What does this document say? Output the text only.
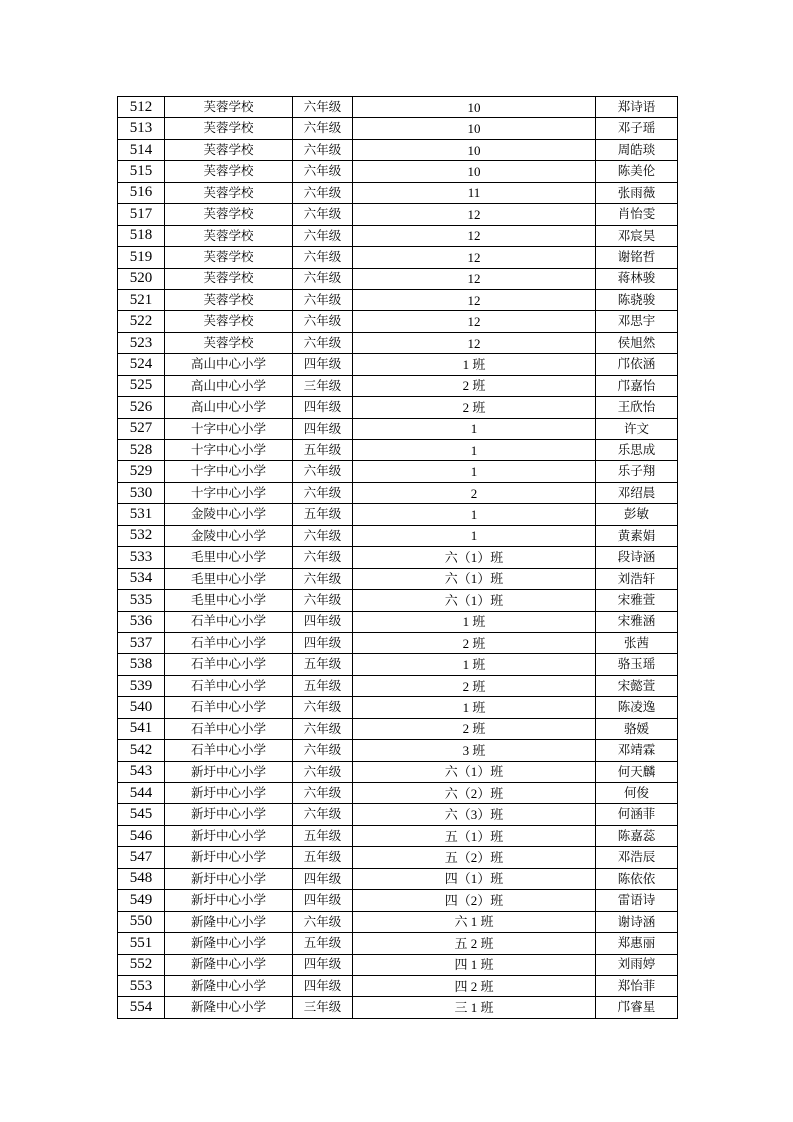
512	芙蓉学校	六年级	10	郑诗语
513	芙蓉学校	六年级	10	邓子瑶
514	芙蓉学校	六年级	10	周皓琰
515	芙蓉学校	六年级	10	陈美伦
516	芙蓉学校	六年级	11	张雨薇
517	芙蓉学校	六年级	12	肖怡雯
518	芙蓉学校	六年级	12	邓宸昊
519	芙蓉学校	六年级	12	谢铭哲
520	芙蓉学校	六年级	12	蒋林骏
521	芙蓉学校	六年级	12	陈骁骏
522	芙蓉学校	六年级	12	邓思宇
523	芙蓉学校	六年级	12	侯旭然
524	高山中心小学	四年级	1 班	邝依涵
525	高山中心小学	三年级	2 班	邝嘉怡
526	高山中心小学	四年级	2 班	王欣怡
527	十字中心小学	四年级	1	许文
528	十字中心小学	五年级	1	乐思成
529	十字中心小学	六年级	1	乐子翔
530	十字中心小学	六年级	2	邓绍晨
531	金陵中心小学	五年级	1	彭敏
532	金陵中心小学	六年级	1	黄素娟
533	毛里中心小学	六年级	六（1）班	段诗涵
534	毛里中心小学	六年级	六（1）班	刘浩轩
535	毛里中心小学	六年级	六（1）班	宋雅萱
536	石羊中心小学	四年级	1 班	宋雅涵
537	石羊中心小学	四年级	2 班	张茜
538	石羊中心小学	五年级	1 班	骆玉瑶
539	石羊中心小学	五年级	2 班	宋懿萱
540	石羊中心小学	六年级	1 班	陈凌逸
541	石羊中心小学	六年级	2 班	骆媛
542	石羊中心小学	六年级	3 班	邓靖霖
543	新圩中心小学	六年级	六（1）班	何天麟
544	新圩中心小学	六年级	六（2）班	何俊
545	新圩中心小学	六年级	六（3）班	何涵菲
546	新圩中心小学	五年级	五（1）班	陈嘉蕊
547	新圩中心小学	五年级	五（2）班	邓浩辰
548	新圩中心小学	四年级	四（1）班	陈依依
549	新圩中心小学	四年级	四（2）班	雷语诗
550	新隆中心小学	六年级	六 1 班	谢诗涵
551	新隆中心小学	五年级	五 2 班	郑惠丽
552	新隆中心小学	四年级	四 1 班	刘雨婷
553	新隆中心小学	四年级	四 2 班	郑怡菲
554	新隆中心小学	三年级	三 1 班	邝睿星
